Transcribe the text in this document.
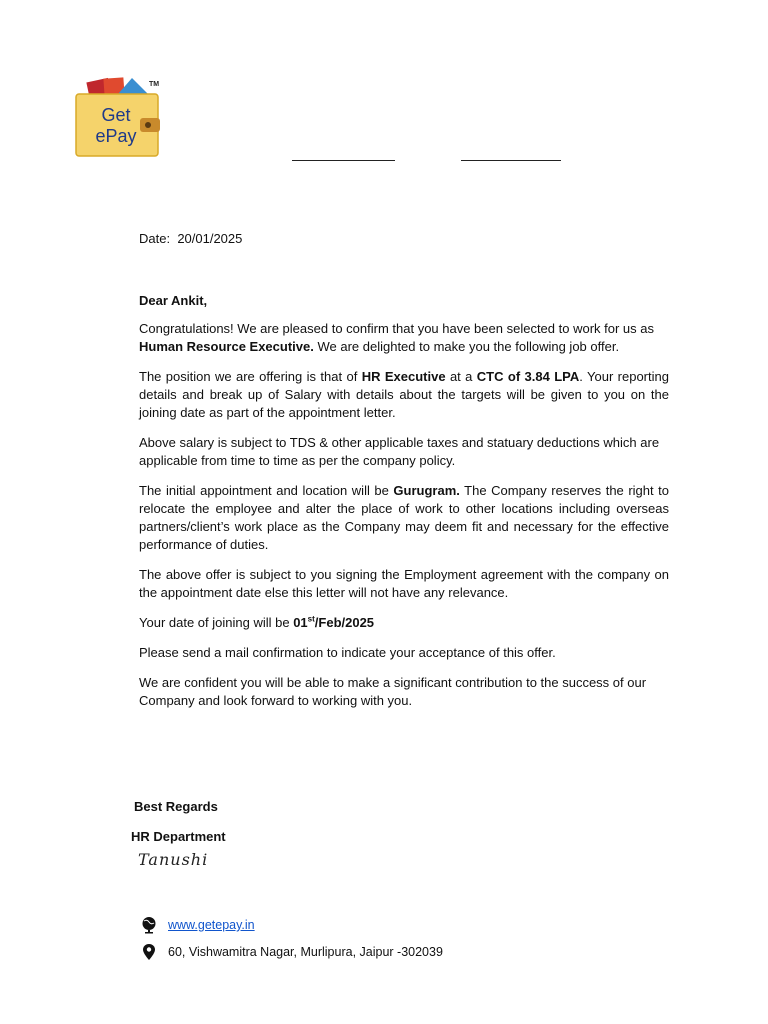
Get
ePay
TM

Date: 20/01/2025

Dear Ankit,

Congratulations! We are pleased to confirm that you have been selected to work for us as Human Resource Executive. We are delighted to make you the following job offer.

The position we are offering is that of HR Executive at a CTC of 3.84 LPA. Your reporting details and break up of Salary with details about the targets will be given to you on the joining date as part of the appointment letter.

Above salary is subject to TDS & other applicable taxes and statuary deductions which are applicable from time to time as per the company policy.

The initial appointment and location will be Gurugram. The Company reserves the right to relocate the employee and alter the place of work to other locations including overseas partners/client’s work place as the Company may deem fit and necessary for the effective performance of duties.

The above offer is subject to you signing the Employment agreement with the company on the appointment date else this letter will not have any relevance.

Your date of joining will be 01st/Feb/2025

Please send a mail confirmation to indicate your acceptance of this offer.

We are confident you will be able to make a significant contribution to the success of our Company and look forward to working with you.

Best Regards
HR Department
Tanushi
www.getepay.in
60, Vishwamitra Nagar, Murlipura, Jaipur -302039
